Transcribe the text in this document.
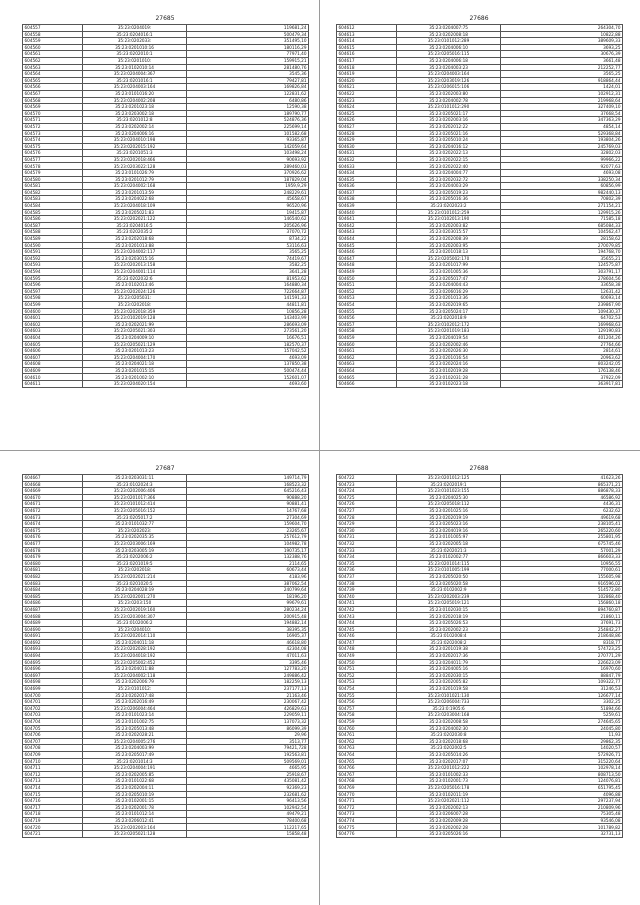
27685
604557	35:23:0204019:	119681,24
604558	35:23:0204016:1	500479,34
604559	35:23:0202033:	351495,10
604560	35:23:0201010:16	180116,29
604561	35:23:0202010:1	77971,40
604562	35:23:0201010:	159915,21
604563	35:23:0102010:14	281480,76
604564	35:23:0204004:367	3545,36
604565	35:23:0201016:1	79427,81
604566	35:23:0204003:164	169826,84
604567	35:23:0101016:20	122831,62
604568	35:23:0204002:208	6480,86
604569	35:23:0201023:18	12590,38
604570	35:23:0203002:18	189790,77
604571	35:23:0201012:8	524876,36
604572	35:23:0202002:14	225699,14
604573	35:23:0204006:16	101582,68
604574	35:23:0204010:198	93365,87
604575	35:23:0202015:192	142059,64
604576	35:23:0201051:3	103498,24
604577	35:23:0202018:466	90693,92
604578	35:23:0203022:128	289460,03
604579	35:23:0101026:79	370926,62
604580	35:23:0201012:79	187829,04
604581	35:23:0204002:168	1959,9,29
604582	35:23:0201013:59	248229,61
604583	35:23:0204022:68	45658,67
604584	35:23:0204018:109	96520,96
604585	35:23:0205021:83	19415,87
604586	35:23:0202021:122	146540,62
604587	35:23:0204016:5	205626,96
604588	35:23:0202035:2	37070,72
604589	35:23:0202018:68	8734,22
604590	35:23:0201013:88	53116,63
604591	35:23:0204002:117	3565,25
604592	35:23:0203015:16	74419,67
604593	35:23:0202013:158	3582,25
604594	35:23:0204001:114	3641,28
604595	35:23:0202032:6	81953,62
604596	35:23:0102013:46	164880,34
604597	35:23:0202024:126	722664,87
604598	35:23:0205031:	141591,33
604599	35:23:0202018:	44811,81
604600	35:23:0202018:359	10856,28
604601	35:23:0102019:128	143403,99
604602	35:23:0202021:99	286693,09
604603	35:23:0205021:303	273561,20
604604	35:23:0204009:10	16676,51
604605	35:23:0205021:129	182570,37
604606	35:23:0201013:23	157042,52
604607	35:23:0204004:170	4693,09
604608	35:23:0204021:18	137850,38
604609	35:23:0201015:15	500474,44
604610	35:23:0201002:10	152601,07
604611	35:23:0204020:154	4693,60
27686
604612	35:23:0204007:75	264304,70
604613	35:23:0202008:18	10822,88
604614	35:23:0101012:289	389609,33
604615	35:23:0204006:10	3693,25
604616	35:23:0205016:115	30676,39
604617	35:23:0204006:18	3661,48
604618	35:23:0204003:23	212252,77
604619	35:23:0204003:164	3565,25
604620	35:23:0203019:126	918864,44
604621	35:23:0206015:106	1424,01
604622	35:23:0202003:80	102912,31
604623	35:23:0204002:78	219968,64
604624	35:23:0101012:290	327409,10
604625	35:23:0205021:17	37668,54
604626	35:23:0202003:16	347363,29
604627	35:23:0202012:22	4854,14
604628	35:23:0205021:16	529368,84
604629	35:23:0205010:24	193804,26
604630	35:23:0204016:12	245769,03
604631	35:23:0202022:13	32802,03
604632	35:23:0202022:15	99966,22
604633	35:23:0202022:40	92077,63
604634	35:23:0204004:77	4693,08
604635	35:23:0202032:72	338250,34
604636	35:23:0204003:29	60856,99
604637	35:23:0205019:23	982440,13
604638	35:23:0205016:36	70802,39
604639	35:23:0202023:2	271154,21
604640	35:23:0101012:259	129915,26
604641	35:23:0102013:190	71585,18
604642	35:23:0202003:82	685084,33
604643	35:23:0203015:57	104562,47
604644	35:23:0202008:39	28158,62
604645	35:23:0202003:95	270079,85
604646	35:23:0201018:13	194768,70
604647	35:23:0205002:170	35655,21
604648	35:23:0201017:99	124575,87
604649	35:23:0201005:36	303791,17
604650	35:23:0205017:47	278604,56
604651	35:23:0204004:43	33658,38
604652	35:23:0206016:29	12631,42
604653	35:23:0201013:36	60693,14
604654	35:23:0202019:65	239867,90
604655	35:23:0205024:17	109430,37
604656	35:23:0202018:9	64702,53
604657	35:23:0102012:172	169968,63
604658	35:23:0201019:183	129190,83
604659	35:23:0204019:54	401204,26
604660	35:23:0202002:46	27764,66
604661	35:23:0202026:30	2814,61
604662	35:23:0201016:54	20963,62
604663	35:23:0202024:16	803242,05
604664	35:23:0102019:28	176138,46
604665	35:23:0102031:28	37922,09
604666	35:23:0102023:18	363917,81
27687
604667	35:23:0203031:11	149714,79
604668	35:23:0102024:3	168523,32
604669	35:23:0202006:406	645216,43
604670	35:23:0201017:366	90888,20
604671	35:23:0101012:414	90881,41
604672	35:23:0205016:152	14767,68
604673	35:23:0205017:2	27304,69
604674	35:23:0101032:77	159604,70
604675	35:23:0202023:	23265,67
604676	35:23:0202035:35	257612,79
604677	35:23:0203006:169	104982,78
604678	35:23:0203005:19	190735,17
604679	35:23:0202006:2	132388,76
604680	35:23:0201019:5	2114,65
604681	35:23:0202018:	60673,44
604682	35:23:0202021:214	4183,96
604683	35:23:0201020:5	387062,54
604684	35:23:0204028:19	240799,64
604685	35:23:0202001:270	18196,20
604686	35:23:0203:150	99679,61
604687	35:23:0202019:160	280234,24
604688	35:23:0203004:307	200915,48
604689	35:23:0102006:2	194882,14
604690	35:23:0204010:	38395,35
604691	35:23:0202014:110	16905,37
604692	35:23:0204011:18	46618,80
604693	35:23:0202028:192	42304,08
604694	35:23:0204018:192	47011,63
604695	35:23:0205002:452	3395,46
604696	35:23:0204011:88	127783,20
604697	35:23:0204002:118	249886,42
604698	35:23:0202006:79	182259,13
604699	35:23:0101012:	237177,13
604700	35:23:0202017:48	21163,46
604701	35:23:0202016:49	230067,42
604702	35:23:0206004:464	426829,63
604703	35:23:0101023:14	229059,11
604704	35:23:0101002:75	137073,32
604705	35:23:0205013:48	86099,39
604706	35:23:0202028:21	29,96
604707	35:23:0204005:276	3513,77
604708	35:23:0204003:99	79421,728
604709	35:23:0205017:49	192563,81
604710	35:23:0201014:3	509569,01
604711	35:23:0204004:191	4665,95
604712	35:23:0202005:85	25918,67
604713	35:23:0101022:68	435081,42
604714	35:23:0202004:11	92369,23
604715	35:23:0205010:19	232681,62
604716	35:23:0102001:15	96413,56
604717	35:23:0202001:78	102942,54
604718	35:23:0101012:14	49479,21
604719	35:23:0206012:41	78400,68
604720	35:23:0202003:164	112217,65
604721	35:23:0205021:128	15858,48
27688
604722	35:23:0201012:125	41623,26
604723	35:23:0202019:1	865371,21
604724	35:23:0101023:155	886878,33
604725	35:23:0204025:30	46586,92
604726	35:23:0205018:112	4436,31
604727	35:23:0201025:16	6232,62
604728	35:23:0202019:19	49619,68
604729	35:23:0205023:16	238105,41
604730	35:23:0204019:16	265220,60
604731	35:23:0101005:97	255801,95
604732	35:23:0202005:18	675745,46
604733	35:23:0202021:3	57001,29
604734	35:23:0102002:77	866603,33
604735	35:23:0201014:115	10956,55
604736	35:23:0101005:199	77000,61
604737	35:23:0205020:50	155605,98
604738	35:23:0205020:58	916596,02
604739	35:23:0102002:9	514572,80
604740	35:23:0202003:239	102868,40
604741	35:23:0205019:121	156860,18
604742	35:23:0102030:15	894760,87
604743	35:23:0202018:19	21860,11
604744	35:23:0205026:53	37691,73
604745	35:23:0202002:23	254842,27
604746	35:23:0102008:4	218648,86
604747	35:23:0202008:2	8318,77
604748	35:23:0201019:38	574723,25
604749	35:23:0202017:36	270771,29
604750	35:23:0204011:79	226623,09
604751	35:23:0204005:16	16970,60
604752	35:23:0202030:15	88847,79
604753	35:23:0202005:82	109322,77
604754	35:23:0201019:58	31246,53
604755	35:23:0101021:130	126677,14
604756	35:23:0206004:733	3302,25
604757	35:23:0:1905:6	51894,66
604758	35:23:0203004:168	5259,61
604759	35:23:0202008:58	274645,65
604760	35:23:0204002:30	24045,80
604761	35:23:0202030:8	11,93
604762	35:23:0202018:68	29862,35
604763	35:23:0202002:5	14020,57
604764	35:23:0205014:26	572926,71
604765	35:23:0202017:07	315220,64
604766	35:23:0201012:222	102978,14
604767	35:23:0101002:33	808713,50
604768	35:23:0102001:73	124076,81
604769	35:23:0205016:178	651795,45
604770	35:23:0102011:19	4096,88
604771	35:23:0202021:112	297237,94
604772	35:23:0202002:13	210809,96
604773	35:23:0206007:28	75305,48
604774	35:23:0202009:28	93546,08
604775	35:23:0202002:28	101789,82
604776	35:23:0205026:16	32731,13
